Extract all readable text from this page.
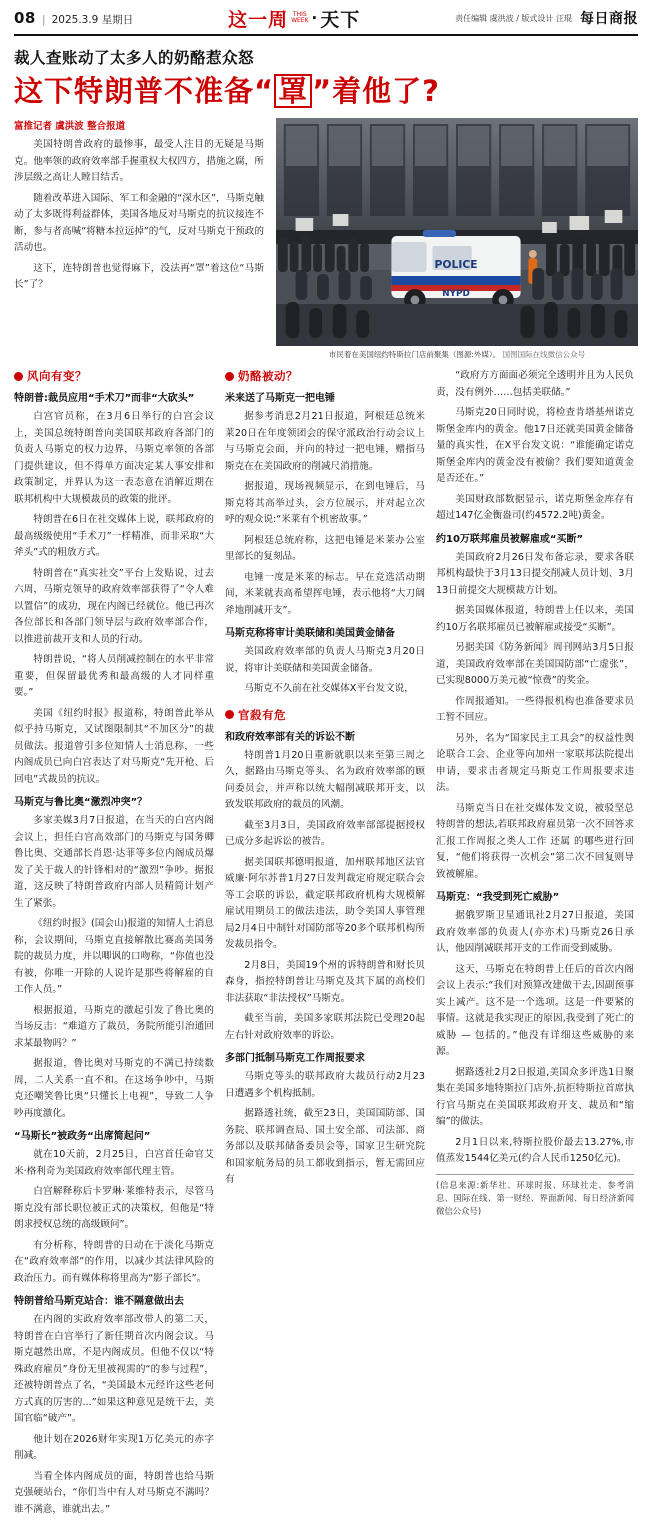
08 | 2025.3.9 星期日	这一周 THIS
WEEK · 天下	责任编辑 虞洪波 / 版式设计 汪琨 每日商报
裁人查账动了太多人的奶酪惹众怒
这下特朗普不准备“ 罩 ”着他了?
富推记者 虞洪波 整合报道
美国特朗普政府的最惨事，最受人注目的无疑是马斯克。他率领的政府效率部手握重权大权四方，措施之腐，所涉层级之高让人瞠目结舌。
随着改革进入国际、军工和金融的“深水区”，马斯克触动了太多既得利益群体，美国各地反对马斯克的抗议接连不断，参与者高喊“将糖本拉远掉”的气，反对马斯克干预政的活动也。
这下，连特朗普也觉得麻下，没法再“罩”着这位“马斯长”了？
POLICE
NYPD
市民着在美国纽约特斯拉门店前聚集（图源:外媒）。 国图国际在线微信公众号
风向有变？
特朗普:裁员应用“手术刀”而非“大砍头”
白宫官员称，在3月6日举行的白宫会议上，美国总统特朗普向美国联邦政府各部门的负责人马斯克的权力边界，马斯克率领的各部门提供建议，但不得单方面决定某人事安排和政策制定，并界认为这一表态意在消解近期在联邦机构中大规模裁员的政策的批评。
特朗普在6日在社交媒体上说，联邦政府的最高级级使用“手术刀”一样精准，而非采取“大斧头”式的粗放方式。
特朗普在“真实社交”平台上发贴说，过去六周，马斯克领导的政府效率部获得了“令人难以置信”的成功，现在内阁已经就位。他已再次各位部长和各部门领导层与政府效率部合作，以推进前裁开支和人员的行动。
特朗普说，“将人员削减控制在的水平非常重要，但保留最优秀和最高级的人才同样重要。”
美国《纽约时报》报道称，特朗普此举从似乎持马斯克，又试图限制其“不加区分”的裁员做法。报道曾引多位知情人士消息称，一些内阁成员已向白宫表达了对马斯克“先开枪、后回电”式裁员的抗议。
马斯克与鲁比奥“激烈冲突”？
多家美媒3月7日报道，在当天的白宫内阁会议上，担任白宫高效部门的马斯克与国务卿鲁比奥、交通部长肖恩·达菲等多位内阁成员爆发了关于裁人的针锋相对的“激烈”争吵。据报道，这反映了特朗普政府内部人员精简计划产生了紧张。
《纽约时报》(国会山)报道的知情人士消息称，会议期间，马斯克直接解散比赛高美国务院的裁员力度，并以唧讽的口吻称，“你值也没有被，你唯一开除的人说许是那些将解雇的自工作人员。”
根据报道，马斯克的激起引发了鲁比奥的当场反击：“难道方了裁员，务院所能引治通回求某最物吗？”
据报道，鲁比奥对马斯克的不满已持续数周，二人关系一直不和。在这场争吵中，马斯克还嘲笑鲁比奥“只懂长上电视”，导致二人争吵再度激化。
“马斯长”被政务“出席简起问”
就在10天前，2月25日，白宫首任命官艾米·格利奇为美国政府效率部代理主管。
白宫解释称后卡罗琳·莱维特表示，尽管马斯克没有部长职位被正式的决策权，但他是“特朗求授权总统的高级顾问”。
有分析称，特朗普的日动在于淡化马斯克在“政府效率部”的作用，以减少其法律风险的政治压力。而有媒体称将里高为“影子部长”。
特朗普给马斯克站合：谁不隔意做出去
在内阁的实政府效率部改带人的第二天，特朗普在白宫举行了新任期首次内阁会议。马斯克越然出席，不是内阁成员。但他不仅以“特殊政府雇员”身份无里被视需的“的参与过程”，还被特朗普点了名，“美国最木元经许这些老何方式真的厉害的...”如果这种意见是统干去，美国官临“破产”。
他计划在2026财年实现1万亿美元的赤字削减。
当看全体内阁成员的面，特朗普也给马斯克强硬站台，“你们当中有人对马斯克不满吗？谁不满意，谁就出去。”
奶酪被动？
米来送了马斯克一把电锤
据参考消息2月21日报道，阿根廷总统米莱20日在年度领团会的保守派政治行动会议上与马斯克会面，并向的特过一把电锤，赠指马斯克在在美国政府的削减尺消措施。
据报道，现场视频显示，在到电锤后，马斯克将其高举过头，会方位展示，并对起立次呼的观众说:“米莱有个机密故事。”
阿根廷总统府称，这把电锤是米莱办公室里部长的复刻品。
电锤一度是米莱的标志。早在竞选活动期间，米莱就表高希望挥电锤，表示他将“大刀阔斧地削减开支”。
马斯克称将审计美联储和美国黄金储备
美国政府效率部的负责人马斯克3月20日说，将审计美联储和美国黄金储备。
马斯克不久前在社交媒体X平台发文说，
官殺有危
和政府效率部有关的诉讼不断
特朗普1月20日重新就职以来至第三周之久，据路由马斯克等头、名为政府效率部的顾问委员会，并声称以统大幅削减联邦开支，以致发联邦政府的裁员的风潮。
截至3月3日，美国政府效率部部提据授权已成分多起诉讼的被告。
据美国联邦德明报道，加州联邦地区法官威廉·阿尔苏普1月27日发判裁定府规定联合会等工会联的诉讼，截定联邦政府机构大规模解雇试用期员工的做法违法，助令美国人事管理局2月4日中制针对国防部等20多个联邦机构所发裁员指令。
2月8日，美国19个州的诉特朗普和财长贝森身，指控特朗普让马斯克及其下属的高校们非法获取“非法授权”马斯克。
截至当前，美国多家联邦法院已受理20起左右针对政府效率的诉讼。
多部门抵制马斯克工作周报要求
马斯克等头的联邦政府大裁员行动2月23日遭遇多个机构抵制。
据路透社统，截至23日，美国国防部、国务院、联邦调查局、国土安全部、司法部、商务部以及联邦储备委员会等，国家卫生研究院和国家航务局的员工都收到指示，暂无需回应有
“政府方方面面必须完全透明并且为人民负责，没有例外……包括美联储。”
马斯克20日同时说，将检查肯塔基州诺克斯堡金库内的黄金。他17日还就美国黄金储备量的真实性，在X平台发文说：“谁能确定诺克斯堡金库内的黄金没有被偷？我们要知道黄金是否还在。”
美国财政部数据显示，诺克斯堡金库存有超过147亿金衡盎司(约4572.2吨)黄金。
约10万联邦雇员被解雇或“买断”
美国政府2月26日发布备忘录，要求各联邦机构最快于3月13日提交削减人员计划、3月13日前提交大规模裁方计划。
据美国媒体报道，特朗普上任以来，美国约10万名联邦雇员已被解雇或接受“买断”。
另据美国《防务新闻》周刊网站3月5日报道，美国政府效率部在美国国防部“亡虚张”，已实现8000万美元被“惊费”的奖金。
作周报通知。一些得报机构也准备要求员工暂不回应。
另外，名为“国家民主工具会”的权益性舆论联合工会、企业等向加州一家联邦法院提出申请，要求击者规定马斯克工作周报要求违法。
马斯克当日在社交媒体发文说，被驳坚总特朗普的想法,若联邦政府雇员第一次不回答求汇报工作周报之类人工作 还属 的哪些进行回复，“他们将获得一次机会”第二次不回复则导致被解雇。
马斯克：“我受到死亡威胁”
据俄罗斯卫星通讯社2月27日报道，美国政府效率部的负责人(亦亦术)马斯克26日承认，他因削减联邦开支的工作而受到威胁。
这天，马斯克在特朗普上任后的首次内阁会议上表示:“我们对预算改建做干去,因副预事实上减产。这不是一个选项。这是一件要紧的事情。这就是我实现正的原因,我受到了死亡的威胁 — 包括的。”他没有详细这些威胁的来源。
据路透社2月2日报道,美国众多评选1日聚集在美国多地特斯拉门店外,抗拒特斯拉首席执行官马斯克在美国联邦政府开支、裁员和“缩编”的做法。
2月1日以来,特斯拉股价最去13.27%,市值蒸发1544亿美元(约合人民币1250亿元)。
(信息来源:新华社、环球时报、环球社走、参考消息、国际在线、第一财经、界面新闻、每日经济新闻微信公众号)
